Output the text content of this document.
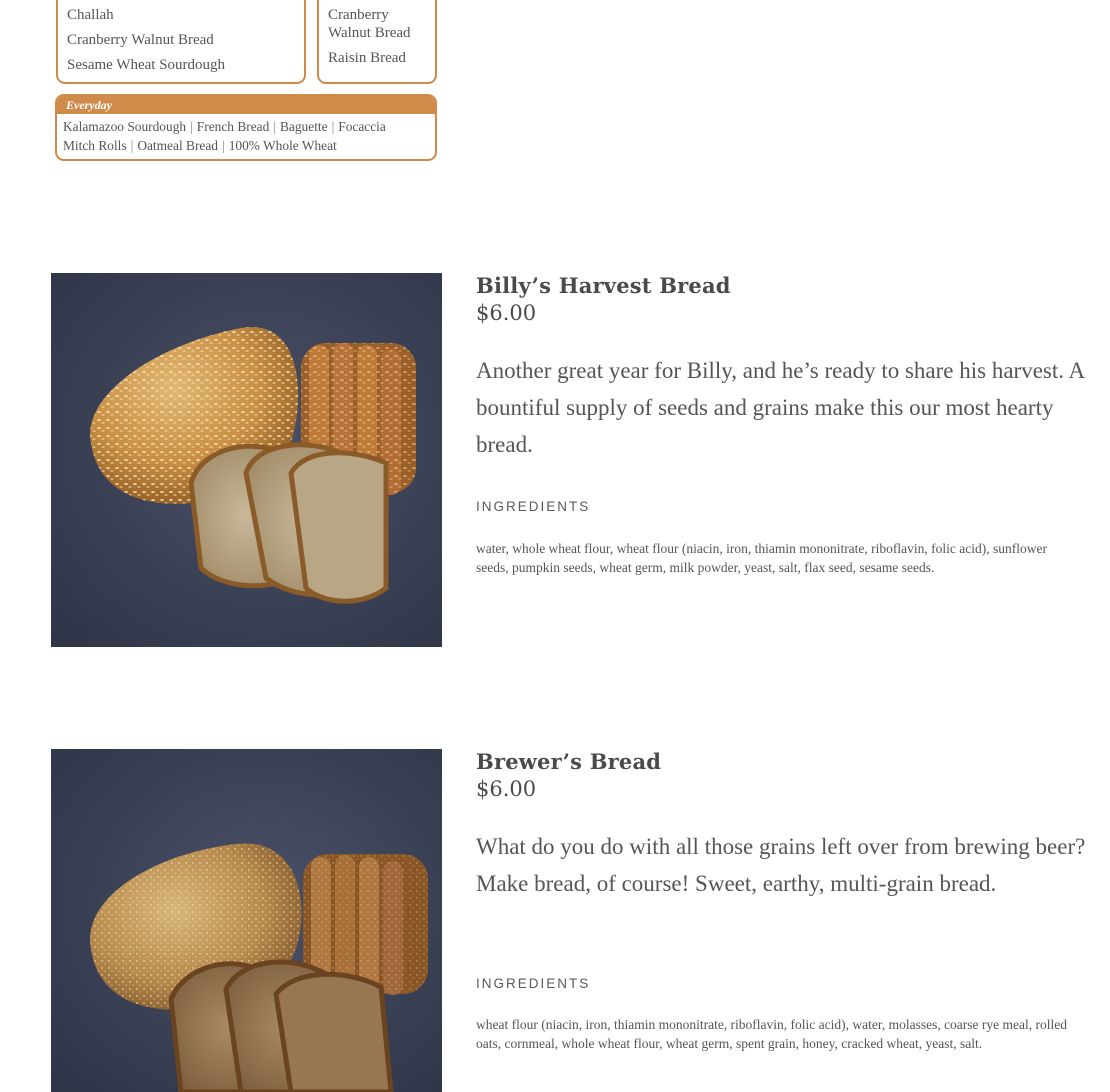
Challah
Cranberry Walnut Bread
Sesame Wheat Sourdough
Cranberry Walnut Bread
Raisin Bread
Everyday
Kalamazoo Sourdough | French Bread | Baguette | Focaccia
Mitch Rolls | Oatmeal Bread | 100% Whole Wheat
Billy’s Harvest Bread
$6.00
Another great year for Billy, and he’s ready to share his harvest. A bountiful supply of seeds and grains make this our most hearty bread.
INGREDIENTS
water, whole wheat flour, wheat flour (niacin, iron, thiamin mononitrate, riboflavin, folic acid), sunflower seeds, pumpkin seeds, wheat germ, milk powder, yeast, salt, flax seed, sesame seeds.
Brewer’s Bread
$6.00
What do you do with all those grains left over from brewing beer? Make bread, of course! Sweet, earthy, multi-grain bread.
INGREDIENTS
wheat flour (niacin, iron, thiamin mononitrate, riboflavin, folic acid), water, molasses, coarse rye meal, rolled oats, cornmeal, whole wheat flour, wheat germ, spent grain, honey, cracked wheat, yeast, salt.
